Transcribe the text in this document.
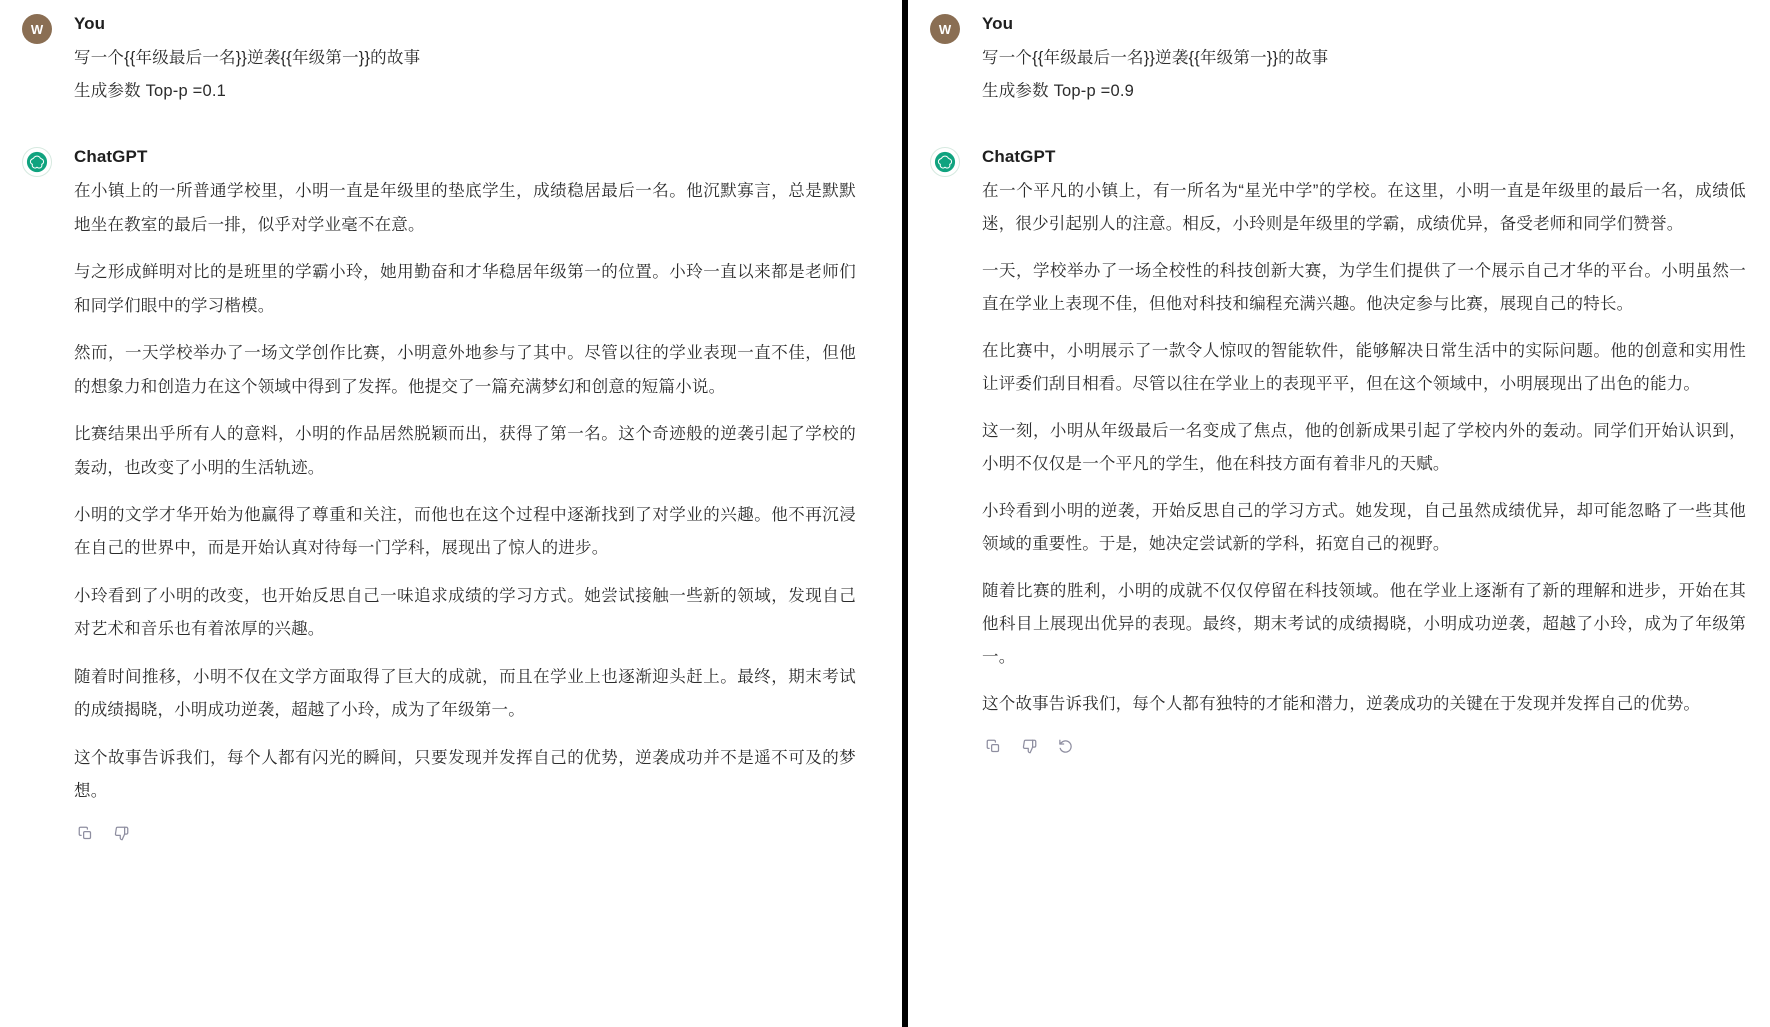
W You

写一个{{年级最后一名}}逆袭{{年级第一}}的故事

生成参数 Top-p =0.1

ChatGPT

在小镇上的一所普通学校里，小明一直是年级里的垫底学生，成绩稳居最后一名。他沉默寡言，总是默默地坐在教室的最后一排，似乎对学业毫不在意。

与之形成鲜明对比的是班里的学霸小玲，她用勤奋和才华稳居年级第一的位置。小玲一直以来都是老师们和同学们眼中的学习楷模。

然而，一天学校举办了一场文学创作比赛，小明意外地参与了其中。尽管以往的学业表现一直不佳，但他的想象力和创造力在这个领域中得到了发挥。他提交了一篇充满梦幻和创意的短篇小说。

比赛结果出乎所有人的意料，小明的作品居然脱颖而出，获得了第一名。这个奇迹般的逆袭引起了学校的轰动，也改变了小明的生活轨迹。

小明的文学才华开始为他赢得了尊重和关注，而他也在这个过程中逐渐找到了对学业的兴趣。他不再沉浸在自己的世界中，而是开始认真对待每一门学科，展现出了惊人的进步。

小玲看到了小明的改变，也开始反思自己一味追求成绩的学习方式。她尝试接触一些新的领域，发现自己对艺术和音乐也有着浓厚的兴趣。

随着时间推移，小明不仅在文学方面取得了巨大的成就，而且在学业上也逐渐迎头赶上。最终，期末考试的成绩揭晓，小明成功逆袭，超越了小玲，成为了年级第一。

这个故事告诉我们，每个人都有闪光的瞬间，只要发现并发挥自己的优势，逆袭成功并不是遥不可及的梦想。

W You

写一个{{年级最后一名}}逆袭{{年级第一}}的故事

生成参数 Top-p =0.9

ChatGPT

在一个平凡的小镇上，有一所名为“星光中学”的学校。在这里，小明一直是年级里的最后一名，成绩低迷，很少引起别人的注意。相反，小玲则是年级里的学霸，成绩优异，备受老师和同学们赞誉。

一天，学校举办了一场全校性的科技创新大赛，为学生们提供了一个展示自己才华的平台。小明虽然一直在学业上表现不佳，但他对科技和编程充满兴趣。他决定参与比赛，展现自己的特长。

在比赛中，小明展示了一款令人惊叹的智能软件，能够解决日常生活中的实际问题。他的创意和实用性让评委们刮目相看。尽管以往在学业上的表现平平，但在这个领域中，小明展现出了出色的能力。

这一刻，小明从年级最后一名变成了焦点，他的创新成果引起了学校内外的轰动。同学们开始认识到，小明不仅仅是一个平凡的学生，他在科技方面有着非凡的天赋。

小玲看到小明的逆袭，开始反思自己的学习方式。她发现，自己虽然成绩优异，却可能忽略了一些其他领域的重要性。于是，她决定尝试新的学科，拓宽自己的视野。

随着比赛的胜利，小明的成就不仅仅停留在科技领域。他在学业上逐渐有了新的理解和进步，开始在其他科目上展现出优异的表现。最终，期末考试的成绩揭晓，小明成功逆袭，超越了小玲，成为了年级第一。

这个故事告诉我们，每个人都有独特的才能和潜力，逆袭成功的关键在于发现并发挥自己的优势。
